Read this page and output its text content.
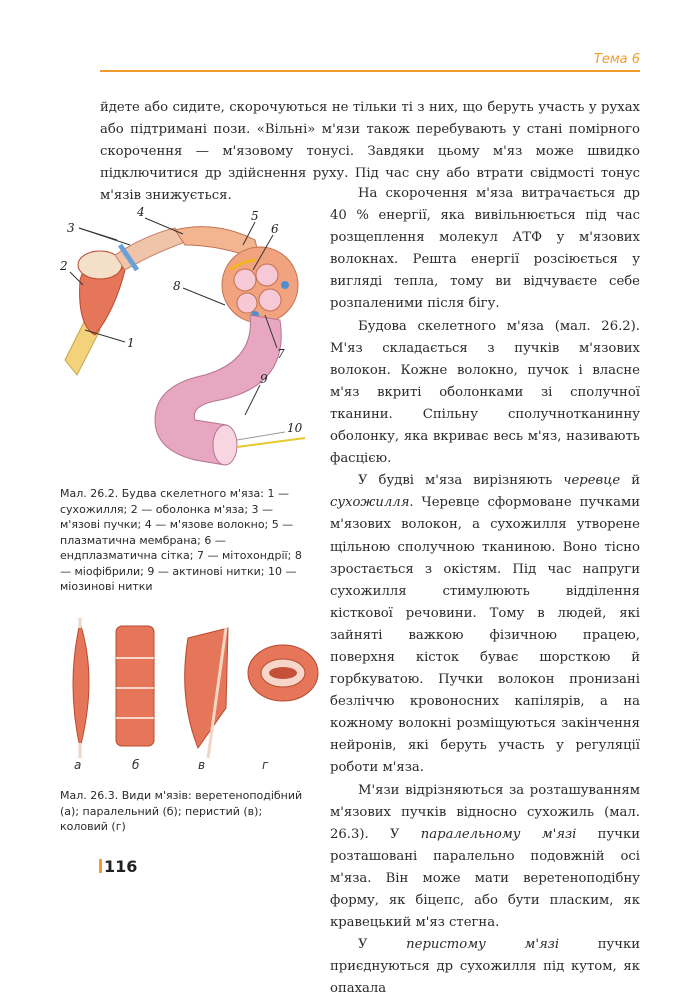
Тема 6

йдете або сидите, скорочуються не тільки ті з них, що беруть участь у рухах або підтримані пози. «Вільні» м'язи також перебувають у стані помірного скорочення — м'язовому тонусі. Завдяки цьому м'яз може швидко підключитися др здійснення руху. Під час сну або втрати свідмості тонус м'язів знижується.	На скорочення м'яза витрачається др 40 % енергії, яка вивільнюється під час розщеплення молекул АТФ у м'язових волокнах. Решта енергії розсіюється у вигляді тепла, тому ви відчуваєте себе розпаленими після бігу.

Будова скелетного м'яза (мал. 26.2). М'яз складається з пучків м'язових волокон. Кожне волокно, пучок і власне м'яз вкриті оболонками зі сполучної тканини. Спільну сполучнотканинну оболонку, яка вкриває весь м'яз, називають фасцією.

У будві м'яза вирізняють черевце й сухожилля. Черевце сформоване пучками м'язових волокон, а сухожилля утворене щільною сполучною тканиною. Воно тісно зростається з окістям. Під час напруги сухожилля стимулюють відділення кісткової речовини. Тому в людей, які зайняті важкою фізичною працею, поверхня кісток буває шорсткою й горбкуватою. Пучки волокон пронизані безліччю кровоносних капілярів, а на кожному волокні розміщуються закінчення нейронів, які беруть участь у регуляції роботи м'яза.

М'язи відрізняються за розташуванням м'язових пучків відносно сухожиль (мал. 26.3). У паралельному м'язі пучки розташовані паралельно подовжній осі м'яза. Він може мати веретеноподібну форму, як біцепс, або бути пласким, як кравецький м'яз стегна.

У перистому м'язі пучки приєднуються др сухожилля під кутом, як опахала

1
2
3
4	5
6
7
8
9
10
Мал. 26.2. Будва скелетного м'яза: 1 — сухожилля; 2 — оболонка м'яза; 3 — м'язові пучки; 4 — м'язове волокно; 5 — плазматична мембрана; 6 — ендплазматична сітка; 7 — мітохондрії; 8 — міофібрили; 9 — актинові нитки; 10 — міозинові нитки
а	б	в	г
Мал. 26.3. Види м'язів: веретеноподібний (а); паралельний (б); перистий (в); коловий (г)
116
